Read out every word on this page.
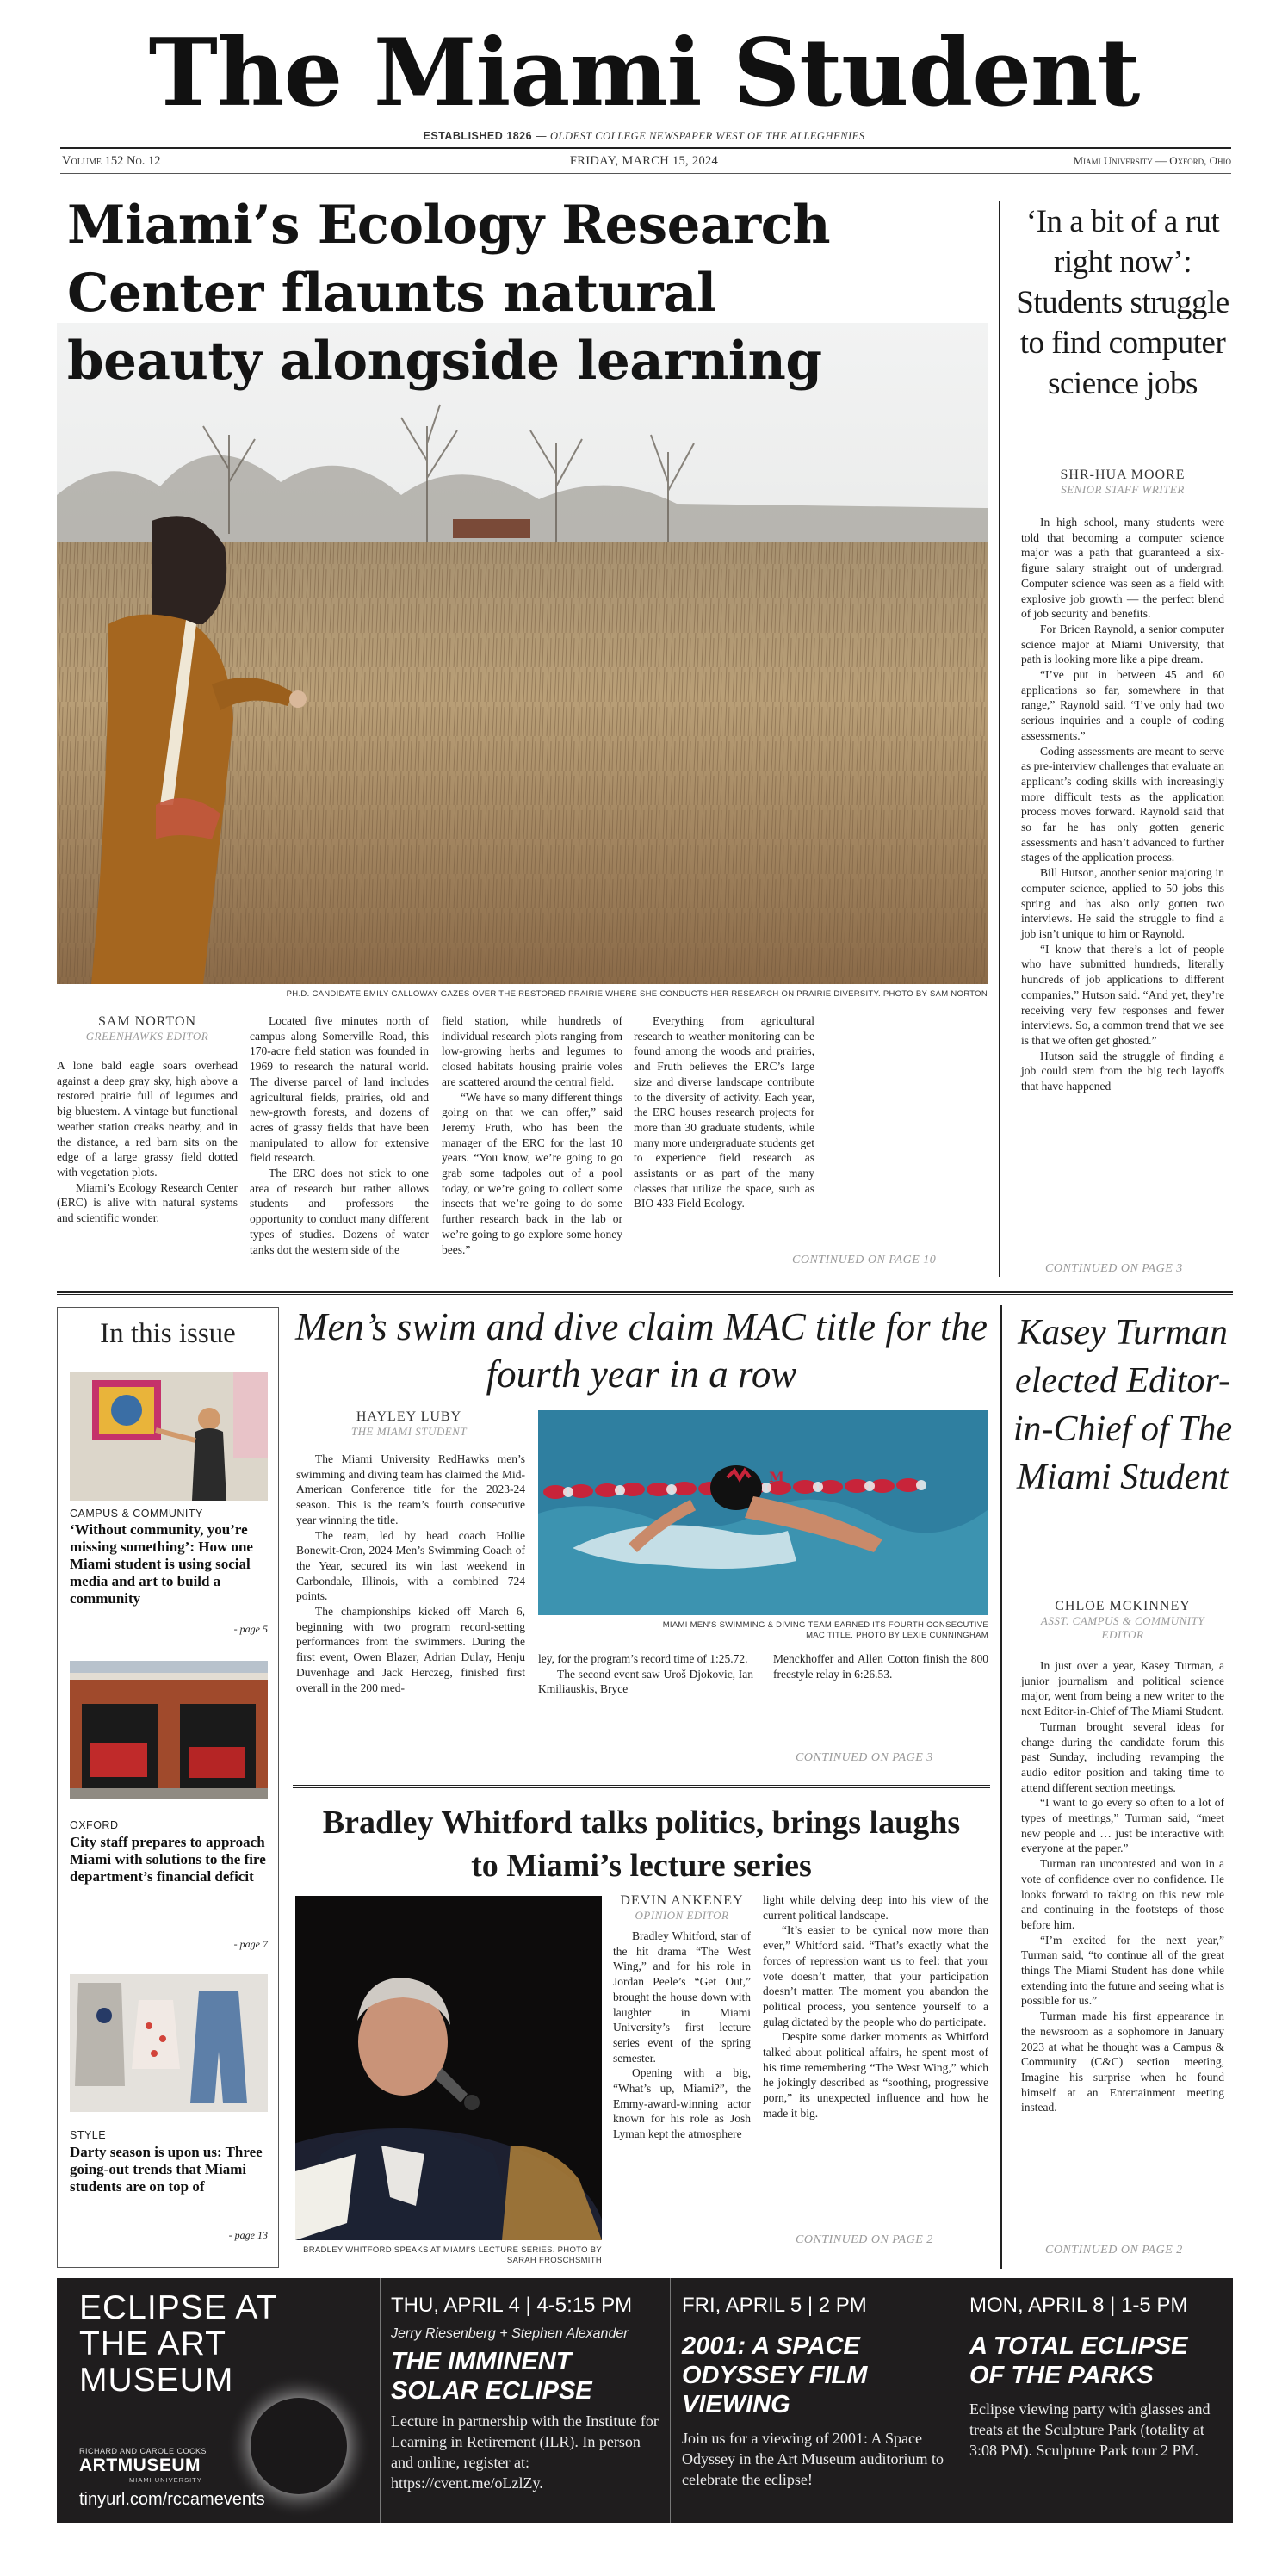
The Miami Student
ESTABLISHED 1826 — OLDEST COLLEGE NEWSPAPER WEST OF THE ALLEGHENIES
Volume 152 No. 12	FRIDAY, MARCH 15, 2024	Miami University — Oxford, Ohio
Miami’s Ecology Research Center flaunts natural beauty alongside learning
PH.D. CANDIDATE EMILY GALLOWAY GAZES OVER THE RESTORED PRAIRIE WHERE SHE CONDUCTS HER RESEARCH ON PRAIRIE DIVERSITY. PHOTO BY SAM NORTON
SAM NORTON
GREENHAWKS EDITOR

A lone bald eagle soars overhead against a deep gray sky, high above a restored prairie full of legumes and big bluestem. A vintage but functional weather station creaks nearby, and in the distance, a red barn sits on the edge of a large grassy field dotted with vegetation plots.

Miami’s Ecology Research Center (ERC) is alive with natural systems and scientific wonder.

Located five minutes north of campus along Somerville Road, this 170-acre field station was founded in 1969 to research the natural world. The diverse parcel of land includes agricultural fields, prairies, old and new-growth forests, and dozens of acres of grassy fields that have been manipulated to allow for extensive field research.

The ERC does not stick to one area of research but rather allows students and professors the opportunity to conduct many different types of studies. Dozens of water tanks dot the western side of the

field station, while hundreds of individual research plots ranging from low-growing herbs and legumes to closed habitats housing prairie voles are scattered around the central field.

“We have so many different things going on that we can offer,” said Jeremy Fruth, who has been the manager of the ERC for the last 10 years. “You know, we’re going to go grab some tadpoles out of a pool today, or we’re going to collect some insects that we’re going to do some further research back in the lab or we’re going to go explore some honey bees.”

Everything from agricultural research to weather monitoring can be found among the woods and prairies, and Fruth believes the ERC’s large size and diverse landscape contribute to the diversity of activity. Each year, the ERC houses research projects for more than 30 graduate students, while many more undergraduate students get to experience field research as assistants or as part of the many classes that utilize the space, such as BIO 433 Field Ecology.

CONTINUED ON PAGE 10
‘In a bit of a rut right now’: Students struggle to find computer science jobs
SHR-HUA MOORE
SENIOR STAFF WRITER

In high school, many students were told that becoming a computer science major was a path that guaranteed a six-figure salary straight out of undergrad. Computer science was seen as a field with explosive job growth — the perfect blend of job security and benefits.

For Bricen Raynold, a senior computer science major at Miami University, that path is looking more like a pipe dream.

“I’ve put in between 45 and 60 applications so far, somewhere in that range,” Raynold said. “I’ve only had two serious inquiries and a couple of coding assessments.”

Coding assessments are meant to serve as pre-interview challenges that evaluate an applicant’s coding skills with increasingly more difficult tests as the application process moves forward. Raynold said that so far he has only gotten generic assessments and hasn’t advanced to further stages of the application process.

Bill Hutson, another senior majoring in computer science, applied to 50 jobs this spring and has also only gotten two interviews. He said the struggle to find a job isn’t unique to him or Raynold.

“I know that there’s a lot of people who have submitted hundreds, literally hundreds of job applications to different companies,” Hutson said. “And yet, they’re receiving very few responses and fewer interviews. So, a common trend that we see is that we often get ghosted.”

Hutson said the struggle of finding a job could stem from the big tech layoffs that have happened

CONTINUED ON PAGE 3
In this issue
CAMPUS & COMMUNITY
‘Without community, you’re missing something’: How one Miami student is using social media and art to build a community
- page 5
OXFORD
City staff prepares to approach Miami with solutions to the fire department’s financial deficit
- page 7
STYLE
Darty season is upon us: Three going-out trends that Miami students are on top of
- page 13
Men’s swim and dive claim MAC title for the fourth year in a row
HAYLEY LUBY
THE MIAMI STUDENT

The Miami University RedHawks men’s swimming and diving team has claimed the Mid-American Conference title for the 2023-24 season. This is the team’s fourth consecutive year winning the title.

The team, led by head coach Hollie Bonewit-Cron, 2024 Men’s Swimming Coach of the Year, secured its win last weekend in Carbondale, Illinois, with a combined 724 points.

The championships kicked off March 6, beginning with two program record-setting performances from the swimmers. During the first event, Owen Blazer, Adrian Dulay, Henju Duvenhage and Jack Herczeg, finished first overall in the 200 med-

M
MIAMI MEN’S SWIMMING & DIVING TEAM EARNED ITS FOURTH CONSECUTIVE MAC TITLE. PHOTO BY LEXIE CUNNINGHAM

ley, for the program’s record time of 1:25.72.

The second event saw Uroš Djokovic, Ian Kmiliauskis, Bryce

Menckhoffer and Allen Cotton finish the 800 freestyle relay in 6:26.53.

CONTINUED ON PAGE 3
Bradley Whitford talks politics, brings laughs to Miami’s lecture series
BRADLEY WHITFORD SPEAKS AT MIAMI’S LECTURE SERIES. PHOTO BY SARAH FROSCHSMITH
DEVIN ANKENEY
OPINION EDITOR

Bradley Whitford, star of the hit drama “The West Wing,” and for his role in Jordan Peele’s “Get Out,” brought the house down with laughter in Miami University’s first lecture series event of the spring semester.

Opening with a big, “What’s up, Miami?”, the Emmy-award-winning actor known for his role as Josh Lyman kept the atmosphere

light while delving deep into his view of the current political landscape.

“It’s easier to be cynical now more than ever,” Whitford said. “That’s exactly what the forces of repression want us to feel: that your vote doesn’t matter, that your participation doesn’t matter. The moment you abandon the political process, you sentence yourself to a gulag dictated by the people who do participate.

Despite some darker moments as Whitford talked about political affairs, he spent most of his time remembering “The West Wing,” which he jokingly described as “soothing, progressive porn,” its unexpected influence and how he made it big.

CONTINUED ON PAGE 2
Kasey Turman elected Editor-in-Chief of The Miami Student
CHLOE MCKINNEY
ASST. CAMPUS & COMMUNITY EDITOR

In just over a year, Kasey Turman, a junior journalism and political science major, went from being a new writer to the next Editor-in-Chief of The Miami Student.

Turman brought several ideas for change during the candidate forum this past Sunday, including revamping the audio editor position and taking time to attend different section meetings.

“I want to go every so often to a lot of types of meetings,” Turman said, “meet new people and … just be interactive with everyone at the paper.”

Turman ran uncontested and won in a vote of confidence over no confidence. He looks forward to taking on this new role and continuing in the footsteps of those before him.

“I’m excited for the next year,” Turman said, “to continue all of the great things The Miami Student has done while extending into the future and seeing what is possible for us.”

Turman made his first appearance in the newsroom as a sophomore in January 2023 at what he thought was a Campus & Community (C&C) section meeting, Imagine his surprise when he found himself at an Entertainment meeting instead.

CONTINUED ON PAGE 2
ECLIPSE AT
THE ART
MUSEUM
RICHARD AND CAROLE COCKS
ARTMUSEUM
MIAMI UNIVERSITY
tinyurl.com/rccamevents
THU, APRIL 4 | 4-5:15 PM
Jerry Riesenberg + Stephen Alexander
THE IMMINENT SOLAR ECLIPSE
Lecture in partnership with the Institute for Learning in Retirement (ILR). In person and online, register at: https://cvent.me/oLzlZy.
FRI, APRIL 5 | 2 PM
2001: A SPACE ODYSSEY FILM VIEWING
Join us for a viewing of 2001: A Space Odyssey in the Art Museum auditorium to celebrate the eclipse!
MON, APRIL 8 | 1-5 PM
A TOTAL ECLIPSE OF THE PARKS
Eclipse viewing party with glasses and treats at the Sculpture Park (totality at 3:08 PM). Sculpture Park tour 2 PM.
